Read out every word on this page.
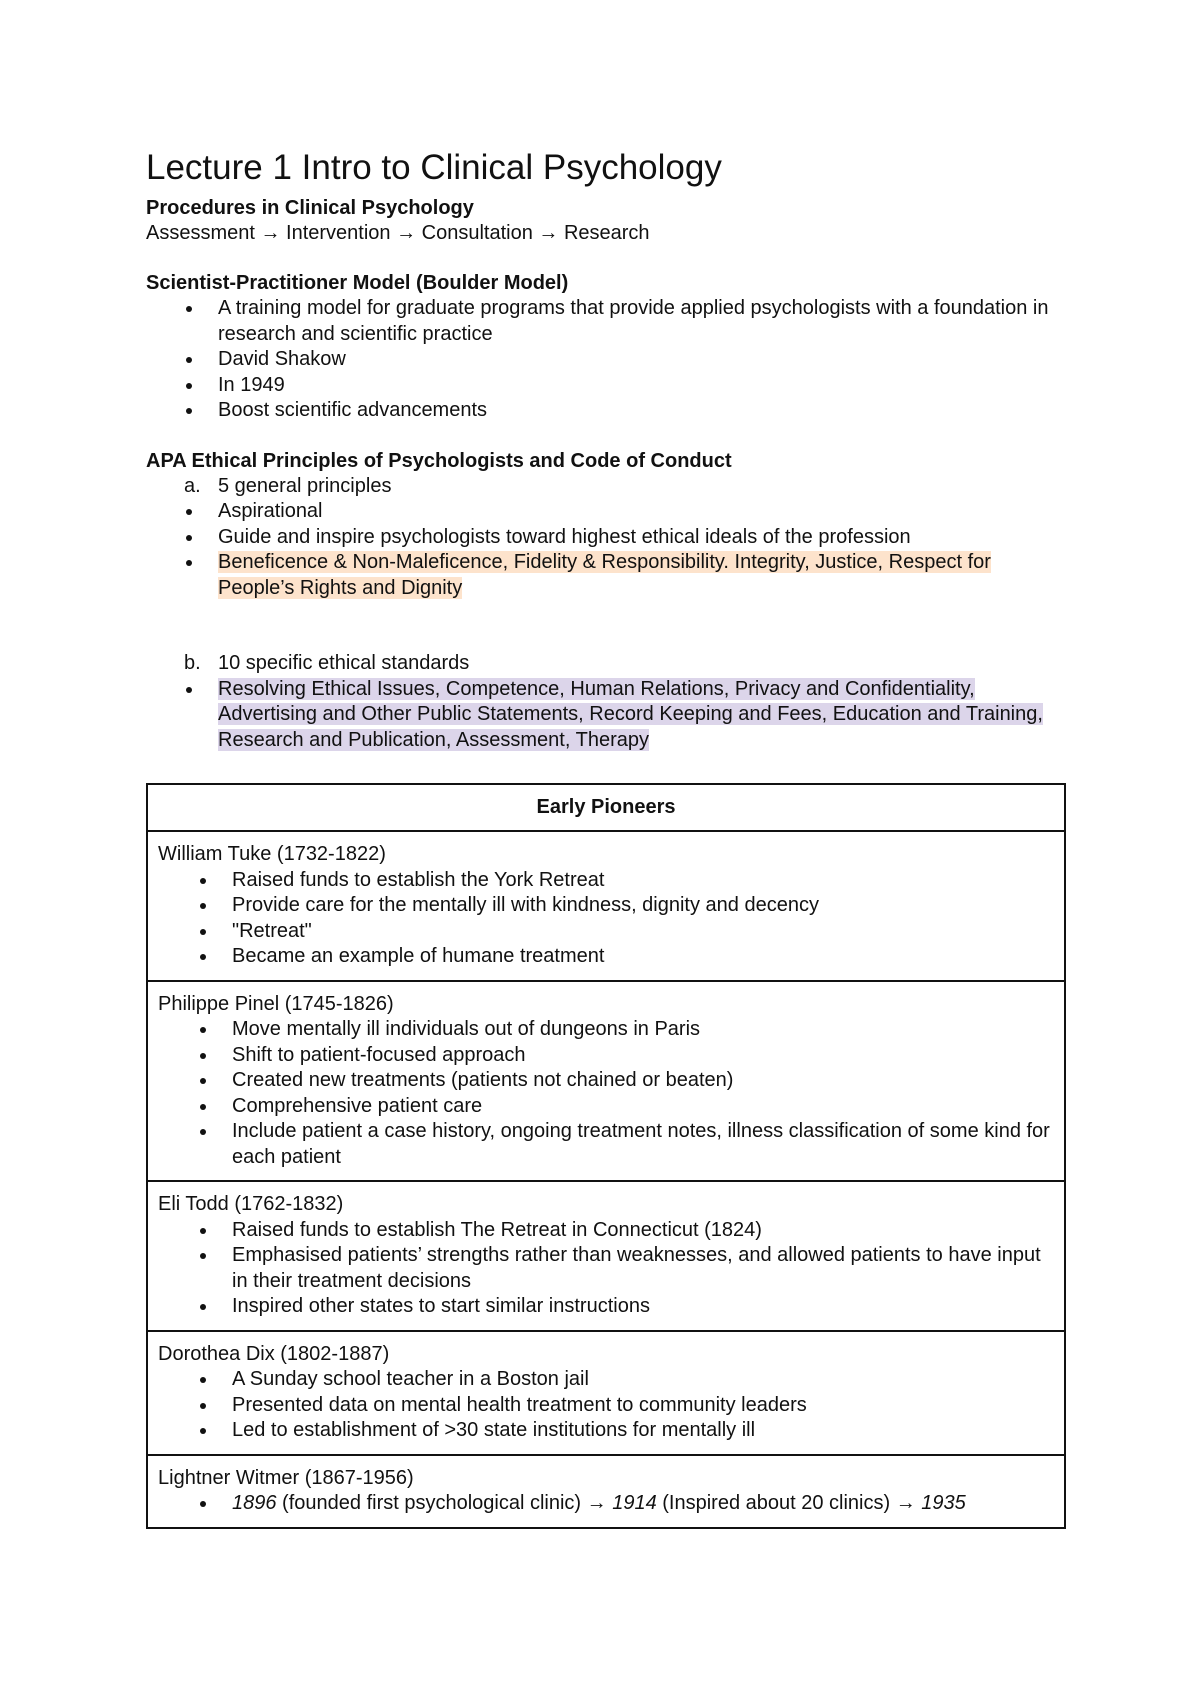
Lecture 1 Intro to Clinical Psychology

Procedures in Clinical Psychology

Assessment → Intervention → Consultation → Research

Scientist-Practitioner Model (Boulder Model)

A training model for graduate programs that provide applied psychologists with a foundation in research and scientific practice
David Shakow
In 1949
Boost scientific advancements

APA Ethical Principles of Psychologists and Code of Conduct

a. 5 general principles
Aspirational
Guide and inspire psychologists toward highest ethical ideals of the profession
Beneficence & Non-Maleficence, Fidelity & Responsibility. Integrity, Justice, Respect for People’s Rights and Dignity
b. 10 specific ethical standards
Resolving Ethical Issues, Competence, Human Relations, Privacy and Confidentiality, Advertising and Other Public Statements, Record Keeping and Fees, Education and Training, Research and Publication, Assessment, Therapy
Early Pioneers

William Tuke (1732-1822)
Raised funds to establish the York Retreat
Provide care for the mentally ill with kindness, dignity and decency
"Retreat"
Became an example of humane treatment

Philippe Pinel (1745-1826)
Move mentally ill individuals out of dungeons in Paris
Shift to patient-focused approach
Created new treatments (patients not chained or beaten)
Comprehensive patient care
Include patient a case history, ongoing treatment notes, illness classification of some kind for each patient

Eli Todd (1762-1832)
Raised funds to establish The Retreat in Connecticut (1824)
Emphasised patients’ strengths rather than weaknesses, and allowed patients to have input in their treatment decisions
Inspired other states to start similar instructions

Dorothea Dix (1802-1887)
A Sunday school teacher in a Boston jail
Presented data on mental health treatment to community leaders
Led to establishment of >30 state institutions for mentally ill

Lightner Witmer (1867-1956)
1896 (founded first psychological clinic) → 1914 (Inspired about 20 clinics) → 1935
